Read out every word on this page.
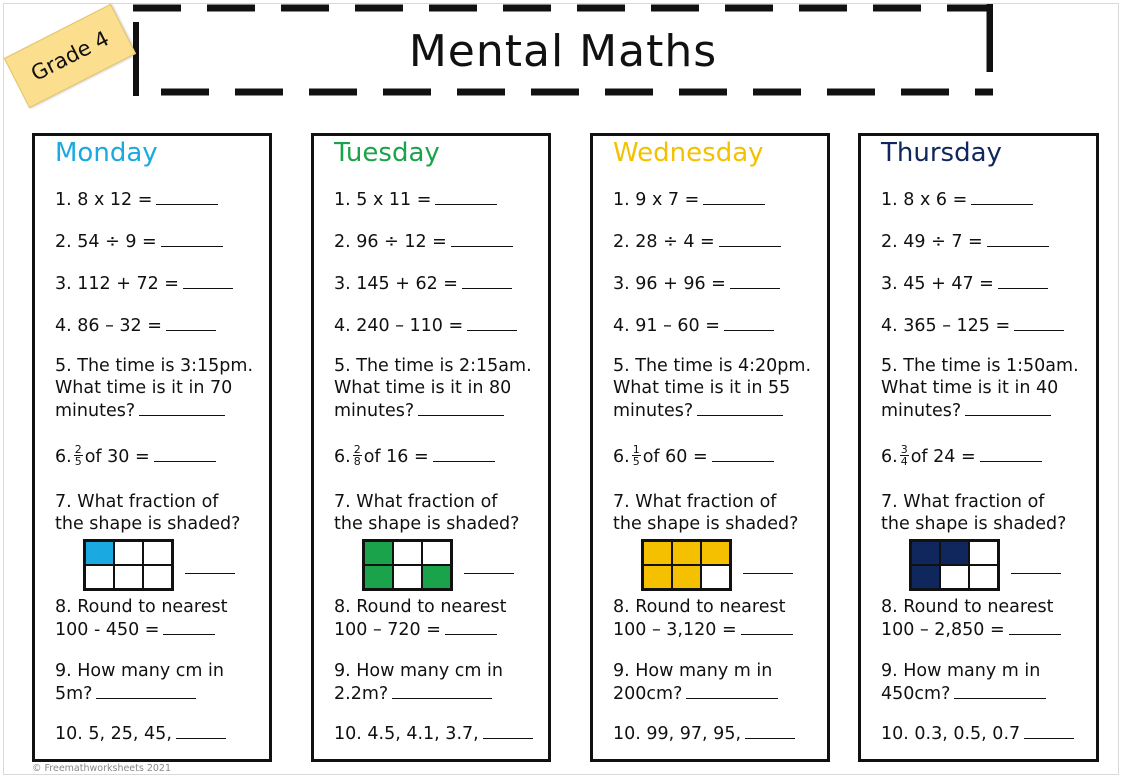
Mental Maths
Grade 4
Monday
1. 8 x 12 =
2. 54 ÷ 9 =
3. 112 + 72 =
4. 86 – 32 =
5. The time is 3:15pm.
What time is it in 70
minutes?
6. $\frac{2}{5}$ of 30 =
7. What fraction of
the shape is shaded?
8. Round to nearest
100 - 450 =
9. How many cm in
5m?
10. 5, 25, 45,
Tuesday
1. 5 x 11 =
2. 96 ÷ 12 =
3. 145 + 62 =
4. 240 – 110 =
5. The time is 2:15am.
What time is it in 80
minutes?
6. $\frac{2}{8}$ of 16 =
7. What fraction of
the shape is shaded?
8. Round to nearest
100 – 720 =
9. How many cm in
2.2m?
10. 4.5, 4.1, 3.7,
Wednesday
1. 9 x 7 =
2. 28 ÷ 4 =
3. 96 + 96 =
4. 91 – 60 =
5. The time is 4:20pm.
What time is it in 55
minutes?
6. $\frac{1}{5}$ of 60 =
7. What fraction of
the shape is shaded?
8. Round to nearest
100 – 3,120 =
9. How many m in
200cm?
10. 99, 97, 95,
Thursday
1. 8 x 6 =
2. 49 ÷ 7 =
3. 45 + 47 =
4. 365 – 125 =
5. The time is 1:50am.
What time is it in 40
minutes?
6. $\frac{3}{4}$ of 24 =
7. What fraction of
the shape is shaded?
8. Round to nearest
100 – 2,850 =
9. How many m in
450cm?
10. 0.3, 0.5, 0.7
© Freemathworksheets 2021
